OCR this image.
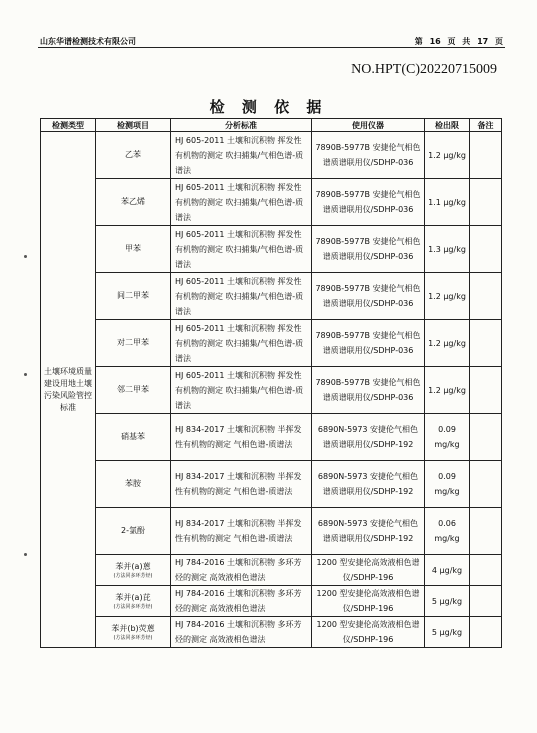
山东华谱检测技术有限公司	第 16 页 共 17 页
NO.HPT(C)20220715009
检 测 依 据
检测类型	检测项目	分析标准	使用仪器	检出限	备注
土壤环境质量 建设用地土壤污染风险管控标准	乙苯	HJ 605-2011 土壤和沉积物 挥发性有机物的测定 吹扫捕集/气相色谱-质谱法	7890B-5977B 安捷伦气相色谱质谱联用仪/SDHP-036	1.2 μg/kg	

	苯乙烯	HJ 605-2011 土壤和沉积物 挥发性有机物的测定 吹扫捕集/气相色谱-质谱法	7890B-5977B 安捷伦气相色谱质谱联用仪/SDHP-036	1.1 μg/kg	

	甲苯	HJ 605-2011 土壤和沉积物 挥发性有机物的测定 吹扫捕集/气相色谱-质谱法	7890B-5977B 安捷伦气相色谱质谱联用仪/SDHP-036	1.3 μg/kg	

	间二甲苯	HJ 605-2011 土壤和沉积物 挥发性有机物的测定 吹扫捕集/气相色谱-质谱法	7890B-5977B 安捷伦气相色谱质谱联用仪/SDHP-036	1.2 μg/kg	

	对二甲苯	HJ 605-2011 土壤和沉积物 挥发性有机物的测定 吹扫捕集/气相色谱-质谱法	7890B-5977B 安捷伦气相色谱质谱联用仪/SDHP-036	1.2 μg/kg	

	邻二甲苯	HJ 605-2011 土壤和沉积物 挥发性有机物的测定 吹扫捕集/气相色谱-质谱法	7890B-5977B 安捷伦气相色谱质谱联用仪/SDHP-036	1.2 μg/kg	

	硝基苯	HJ 834-2017 土壤和沉积物 半挥发性有机物的测定 气相色谱-质谱法	6890N-5973 安捷伦气相色谱质谱联用仪/SDHP-192	0.09 mg/kg	

	苯胺	HJ 834-2017 土壤和沉积物 半挥发性有机物的测定 气相色谱-质谱法	6890N-5973 安捷伦气相色谱质谱联用仪/SDHP-192	0.09 mg/kg	

	2-氯酚	HJ 834-2017 土壤和沉积物 半挥发性有机物的测定 气相色谱-质谱法	6890N-5973 安捷伦气相色谱质谱联用仪/SDHP-192	0.06 mg/kg	

	苯并(a)蒽
(方法同多环芳烃)	HJ 784-2016 土壤和沉积物 多环芳烃的测定 高效液相色谱法	1200 型安捷伦高效液相色谱仪/SDHP-196	4 μg/kg	

	苯并(a)芘
(方法同多环芳烃)	HJ 784-2016 土壤和沉积物 多环芳烃的测定 高效液相色谱法	1200 型安捷伦高效液相色谱仪/SDHP-196	5 μg/kg	

	苯并(b)荧蒽
(方法同多环芳烃)	HJ 784-2016 土壤和沉积物 多环芳烃的测定 高效液相色谱法	1200 型安捷伦高效液相色谱仪/SDHP-196	5 μg/kg	
